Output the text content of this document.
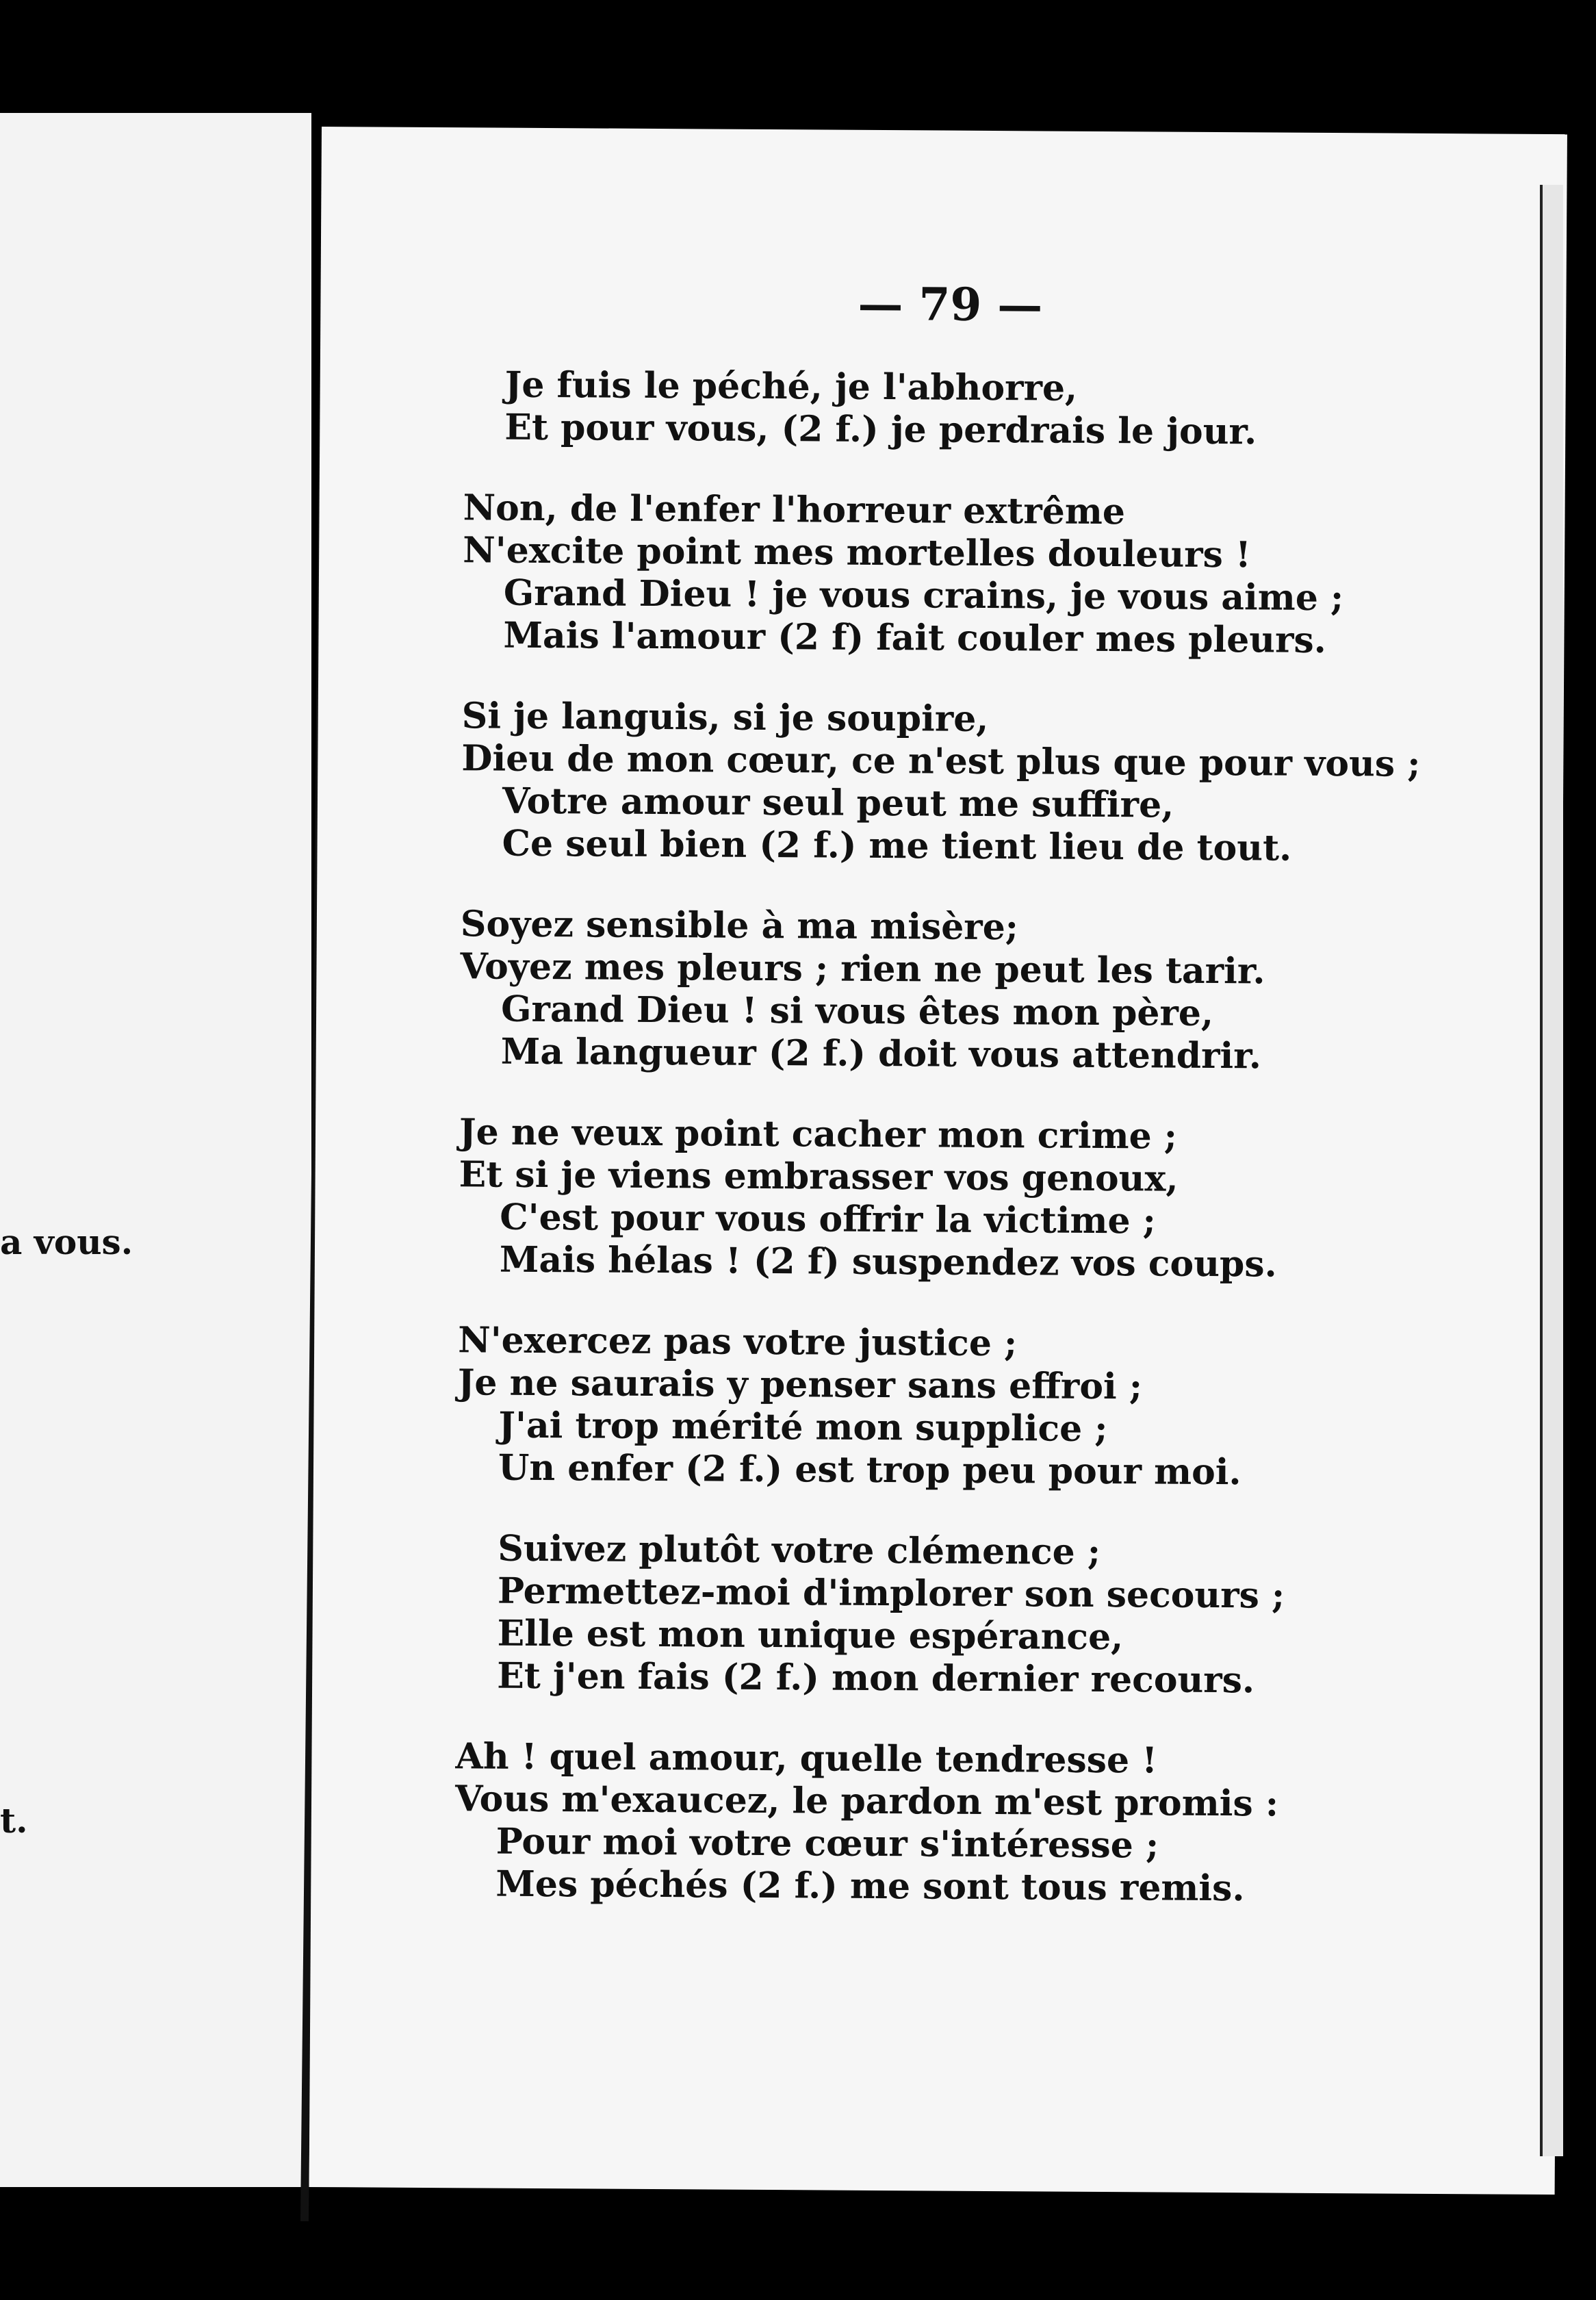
a vous.
t.
— 79 —
Je fuis le péché, je l'abhorre,
Et pour vous, (2 f.) je perdrais le jour.
Non, de l'enfer l'horreur extrême
N'excite point mes mortelles douleurs !
Grand Dieu ! je vous crains, je vous aime ;
Mais l'amour (2 f) fait couler mes pleurs.
Si je languis, si je soupire,
Dieu de mon cœur, ce n'est plus que pour vous ;
Votre amour seul peut me suffire,
Ce seul bien (2 f.) me tient lieu de tout.
Soyez sensible à ma misère;
Voyez mes pleurs ; rien ne peut les tarir.
Grand Dieu ! si vous êtes mon père,
Ma langueur (2 f.) doit vous attendrir.
Je ne veux point cacher mon crime ;
Et si je viens embrasser vos genoux,
C'est pour vous offrir la victime ;
Mais hélas ! (2 f) suspendez vos coups.
N'exercez pas votre justice ;
Je ne saurais y penser sans effroi ;
J'ai trop mérité mon supplice ;
Un enfer (2 f.) est trop peu pour moi.
Suivez plutôt votre clémence ;
Permettez-moi d'implorer son secours ;
Elle est mon unique espérance,
Et j'en fais (2 f.) mon dernier recours.
Ah ! quel amour, quelle tendresse !
Vous m'exaucez, le pardon m'est promis :
Pour moi votre cœur s'intéresse ;
Mes péchés (2 f.) me sont tous remis.
